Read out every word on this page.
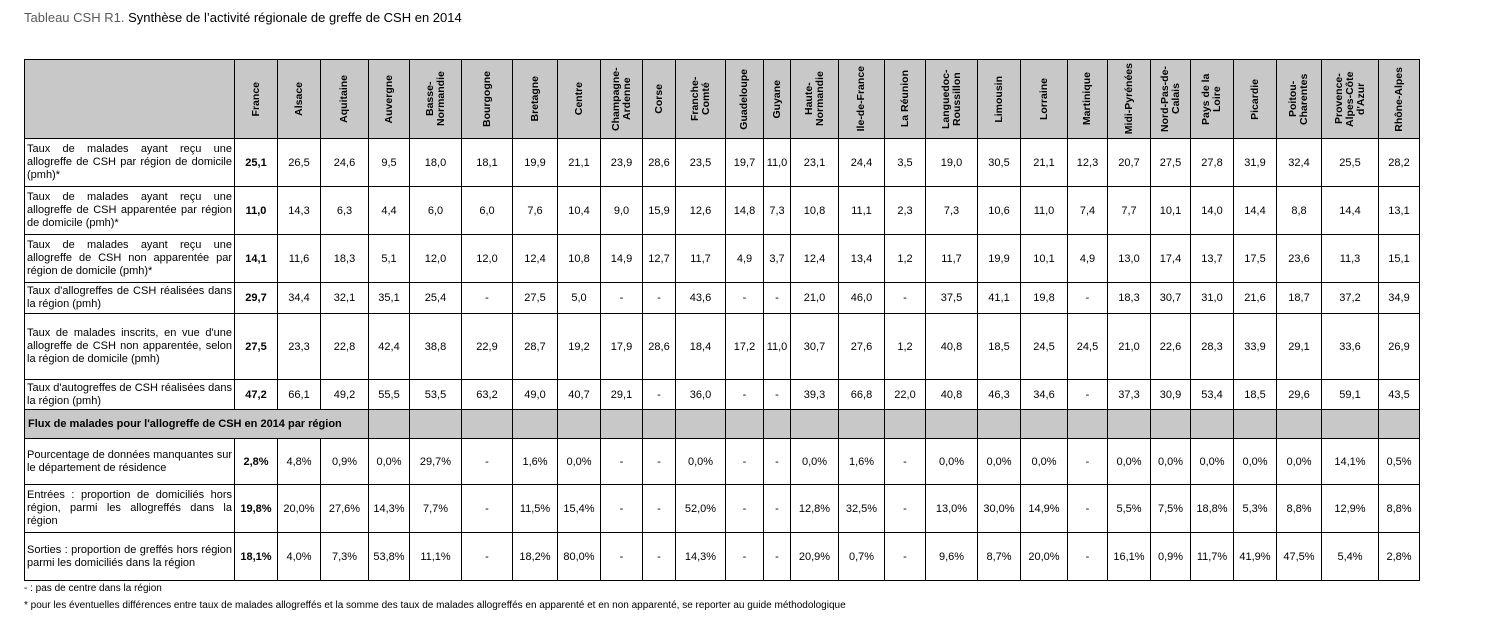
Tableau CSH R1. Synthèse de l’activité régionale de greffe de CSH en 2014

	France	Alsace	Aquitaine	Auvergne	Basse-Normandie	Bourgogne	Bretagne	Centre	Champagne-Ardenne	Corse	Franche-Comté	Guadeloupe	Guyane	Haute-Normandie	Ile-de-France	La Réunion	Languedoc-Roussillon	Limousin	Lorraine	Martinique	Midi-Pyrénées	Nord-Pas-de-Calais	Pays de la Loire	Picardie	Poitou-Charentes	Provence-Alpes-Côte d'Azur	Rhône-Alpes

Taux de malades ayant reçu une allogreffe de CSH par région de domicile (pmh)*	25,1	26,5	24,6	9,5	18,0	18,1	19,9	21,1	23,9	28,6	23,5	19,7	11,0	23,1	24,4	3,5	19,0	30,5	21,1	12,3	20,7	27,5	27,8	31,9	32,4	25,5	28,2
Taux de malades ayant reçu une allogreffe de CSH apparentée par région de domicile (pmh)*	11,0	14,3	6,3	4,4	6,0	6,0	7,6	10,4	9,0	15,9	12,6	14,8	7,3	10,8	11,1	2,3	7,3	10,6	11,0	7,4	7,7	10,1	14,0	14,4	8,8	14,4	13,1
Taux de malades ayant reçu une allogreffe de CSH non apparentée par région de domicile (pmh)*	14,1	11,6	18,3	5,1	12,0	12,0	12,4	10,8	14,9	12,7	11,7	4,9	3,7	12,4	13,4	1,2	11,7	19,9	10,1	4,9	13,0	17,4	13,7	17,5	23,6	11,3	15,1
Taux d'allogreffes de CSH réalisées dans la région (pmh)	29,7	34,4	32,1	35,1	25,4	-	27,5	5,0	-	-	43,6	-	-	21,0	46,0	-	37,5	41,1	19,8	-	18,3	30,7	31,0	21,6	18,7	37,2	34,9
Taux de malades inscrits, en vue d'une allogreffe de CSH non apparentée, selon la région de domicile (pmh)	27,5	23,3	22,8	42,4	38,8	22,9	28,7	19,2	17,9	28,6	18,4	17,2	11,0	30,7	27,6	1,2	40,8	18,5	24,5	24,5	21,0	22,6	28,3	33,9	29,1	33,6	26,9
Taux d'autogreffes de CSH réalisées dans la région (pmh)	47,2	66,1	49,2	55,5	53,5	63,2	49,0	40,7	29,1	-	36,0	-	-	39,3	66,8	22,0	40,8	46,3	34,6	-	37,3	30,9	53,4	18,5	29,6	59,1	43,5
Flux de malades pour l'allogreffe de CSH en 2014 par région																											
Pourcentage de données manquantes sur le département de résidence	2,8%	4,8%	0,9%	0,0%	29,7%	-	1,6%	0,0%	-	-	0,0%	-	-	0,0%	1,6%	-	0,0%	0,0%	0,0%	-	0,0%	0,0%	0,0%	0,0%	0,0%	14,1%	0,5%
Entrées : proportion de domiciliés hors région, parmi les allogreffés dans la région	19,8%	20,0%	27,6%	14,3%	7,7%	-	11,5%	15,4%	-	-	52,0%	-	-	12,8%	32,5%	-	13,0%	30,0%	14,9%	-	5,5%	7,5%	18,8%	5,3%	8,8%	12,9%	8,8%
Sorties : proportion de greffés hors région parmi les domiciliés dans la région	18,1%	4,0%	7,3%	53,8%	11,1%	-	18,2%	80,0%	-	-	14,3%	-	-	20,9%	0,7%	-	9,6%	8,7%	20,0%	-	16,1%	0,9%	11,7%	41,9%	47,5%	5,4%	2,8%
- : pas de centre dans la région
* pour les éventuelles différences entre taux de malades allogreffés et la somme des taux de malades allogreffés en apparenté et en non apparenté, se reporter au guide méthodologique
